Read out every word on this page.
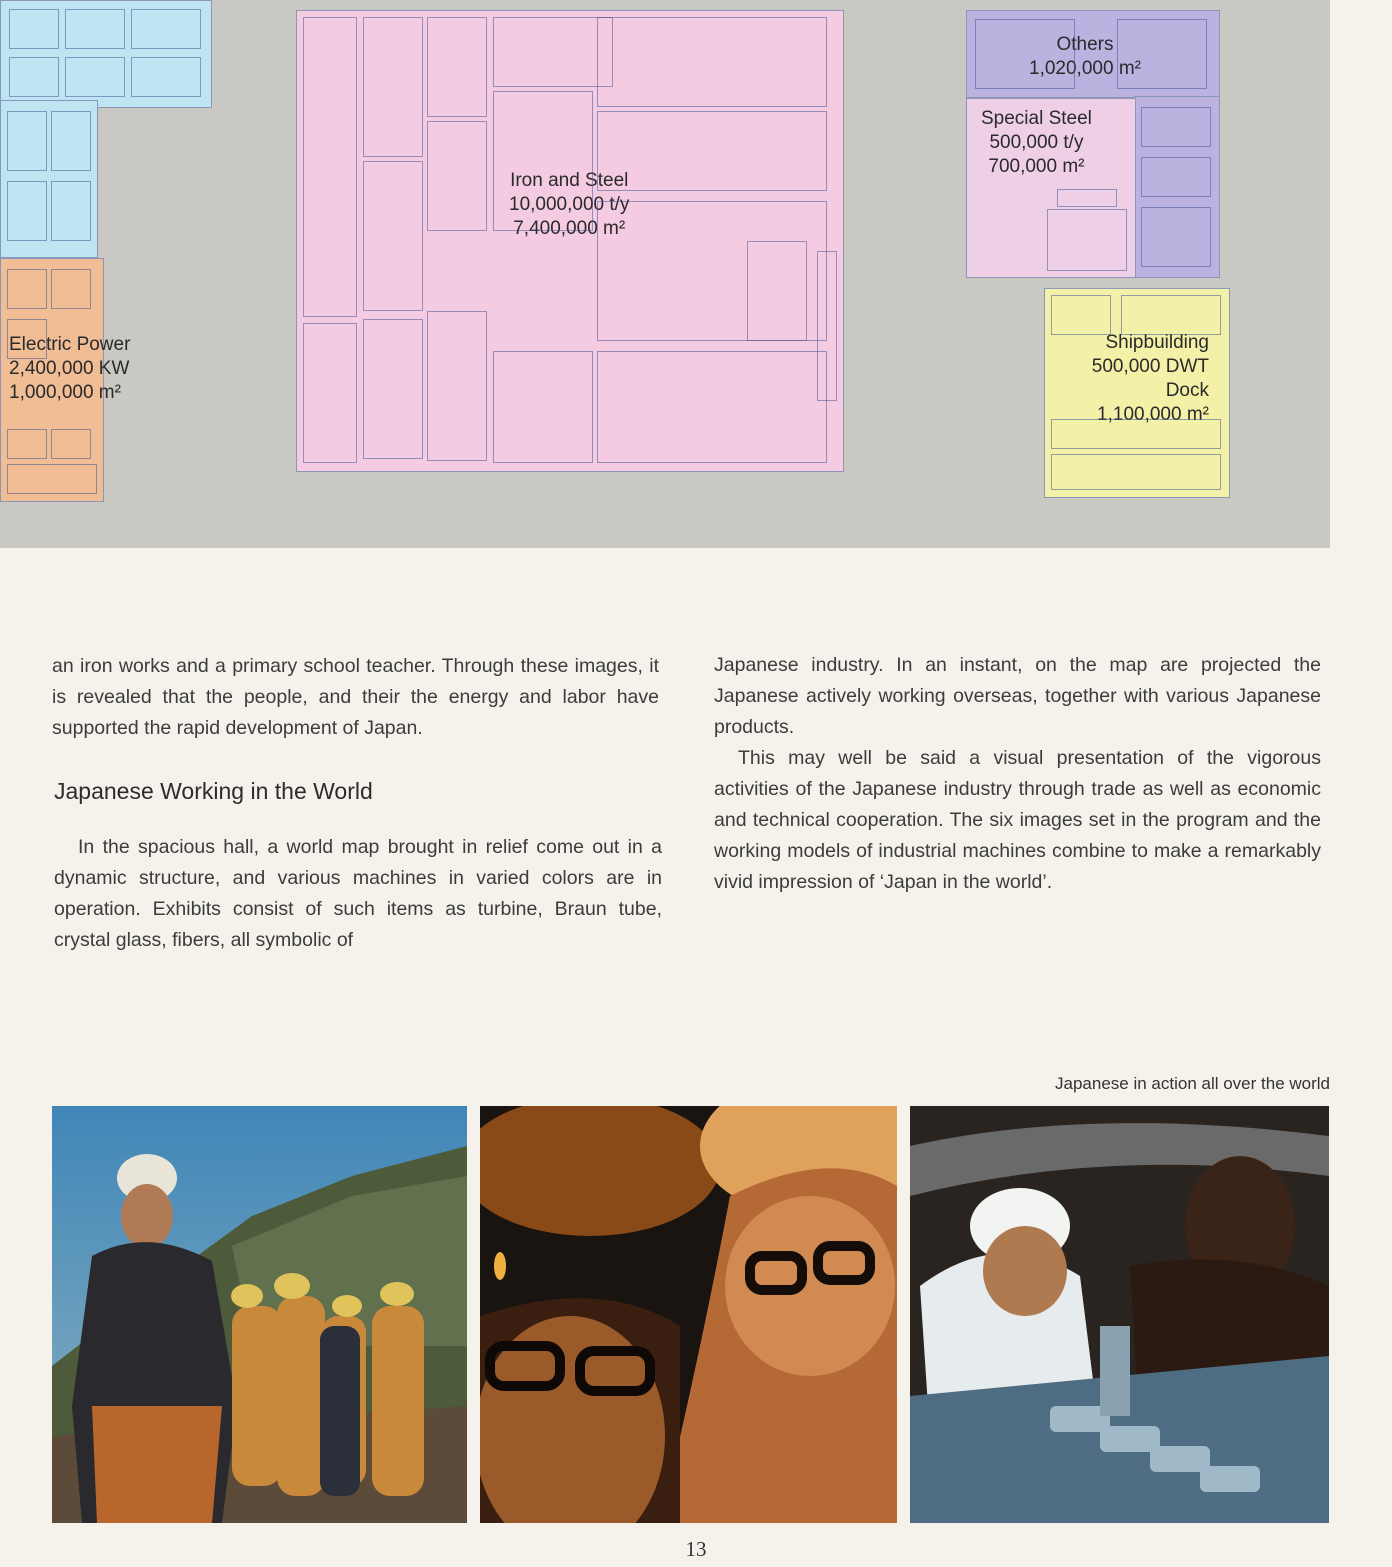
Electric Power
2,400,000 KW
1,000,000 m²
Iron and Steel
10,000,000 t/y
7,400,000 m²
Others
1,020,000 m²
Special Steel
500,000 t/y
700,000 m²
Shipbuilding
500,000 DWT
Dock
1,100,000 m²

an iron works and a primary school teacher. Through these images, it is revealed that the people, and their the energy and labor have supported the rapid development of Japan.

Japanese Working in the World

In the spacious hall, a world map brought in relief come out in a dynamic structure, and various machines in varied colors are in operation. Exhibits consist of such items as turbine, Braun tube, crystal glass, fibers, all symbolic of

Japanese industry. In an instant, on the map are projected the Japanese actively working overseas, together with various Japanese products.

This may well be said a visual presentation of the vigorous activities of the Japanese industry through trade as well as economic and technical cooperation. The six images set in the program and the working models of industrial machines combine to make a remarkably vivid impression of ‘Japan in the world’.

Japanese in action all over the world
13
